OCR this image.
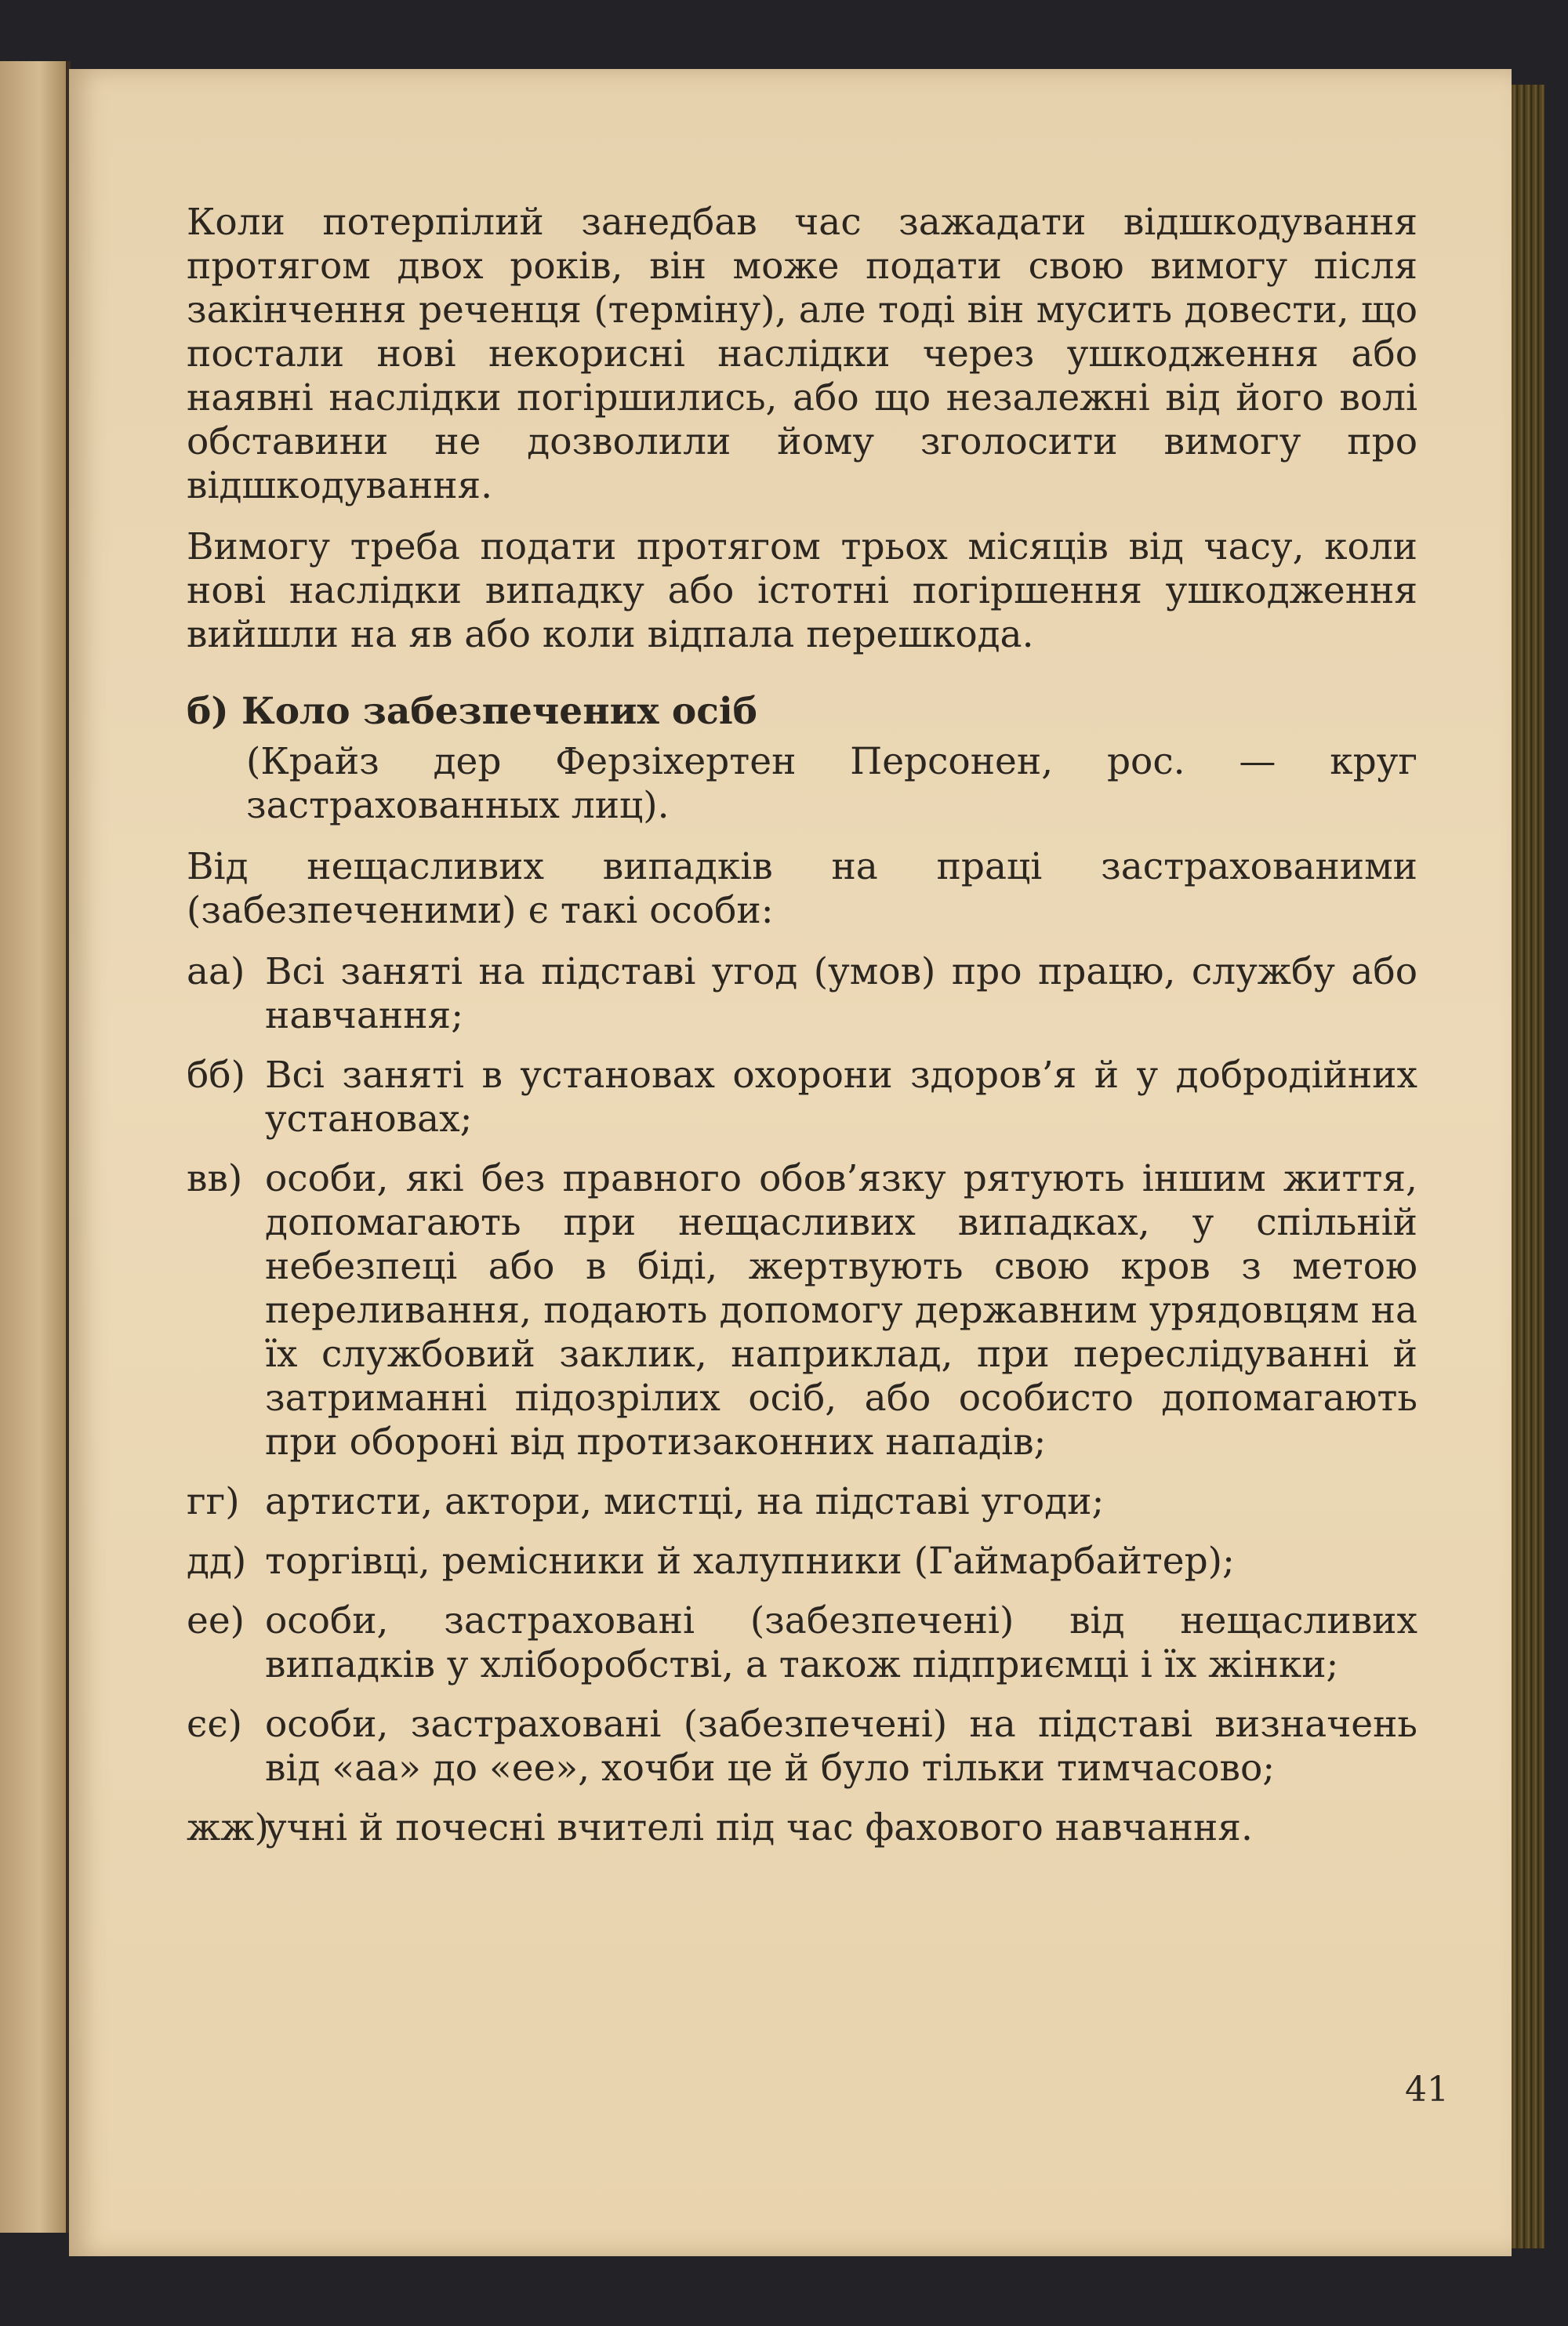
Коли потерпілий занедбав час зажадати відшкодування протягом двох років, він може подати свою вимогу після закінчення реченця (терміну), але тоді він мусить довести, що постали нові некорисні наслідки через ушкодження або наявні наслідки погіршились, або що незалежні від його волі обставини не дозволили йому зголосити вимогу про відшкодування.

Вимогу треба подати протягом трьох місяців від часу, коли нові наслідки випадку або істотні погіршення ушкодження вийшли на яв або коли відпала перешкода.

б) Коло забезпечених осіб

(Крайз дер Ферзіхертен Персонен, рос. — круг застрахованных лиц).

Від нещасливих випадків на праці застрахованими (забезпеченими) є такі особи:

аа) Всі заняті на підставі угод (умов) про працю, службу або навчання;
бб) Всі заняті в установах охорони здоров’я й у добродійних установах;
вв) особи, які без правного обов’язку рятують іншим життя, допомагають при нещасливих випадках, у спільній небезпеці або в біді, жертвують свою кров з метою переливання, подають допомогу державним урядовцям на їх службовий заклик, наприклад, при переслідуванні й затриманні підозрілих осіб, або особисто допомагають при обороні від протизаконних нападів;
гг) артисти, актори, мистці, на підставі угоди;
дд) торгівці, ремісники й халупники (Гаймарбайтер);
ее) особи, застраховані (забезпечені) від нещасливих випадків у хліборобстві, а також підприємці і їх жінки;
єє) особи, застраховані (забезпечені) на підставі визначень від «аа» до «ее», хочби це й було тільки тимчасово;
жж)
учні й почесні вчителі під час фахового навчання.
41
